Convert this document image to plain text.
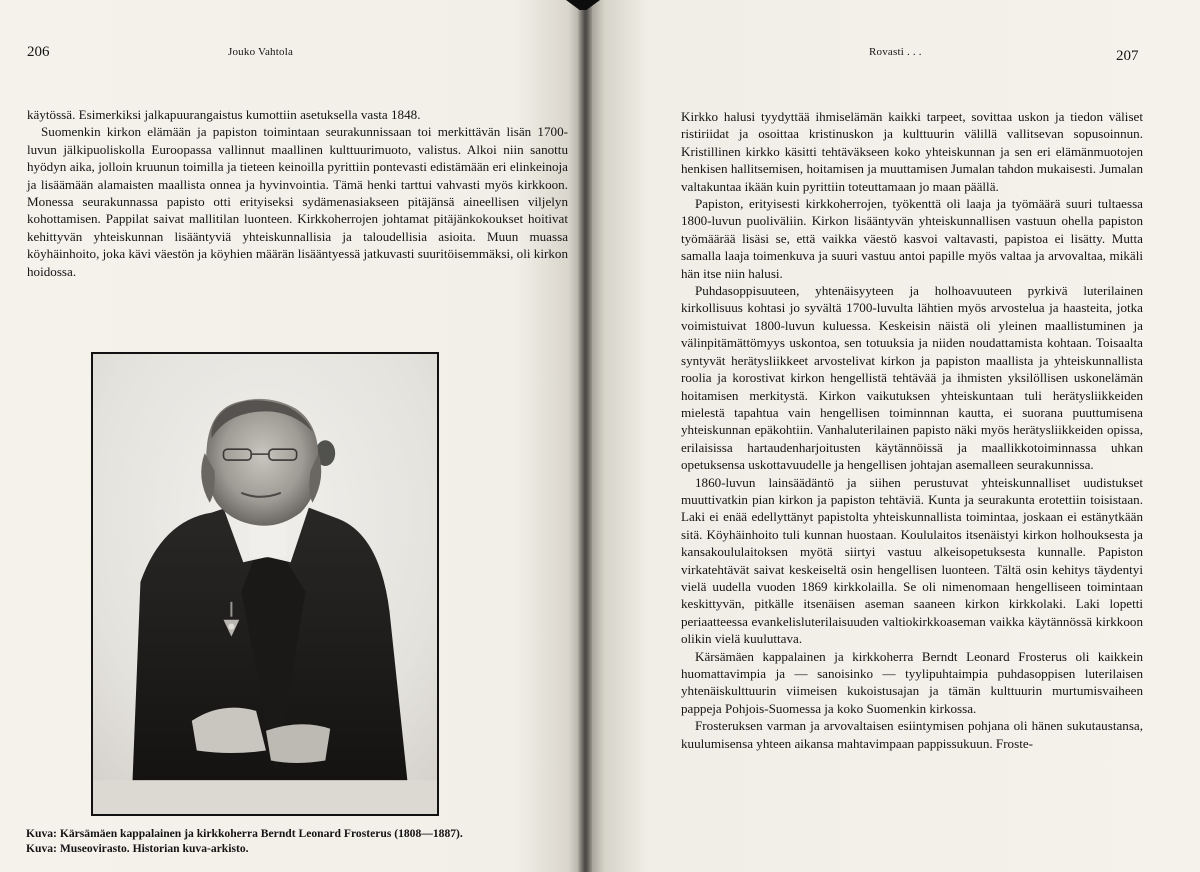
206	Jouko Vahtola

käytössä. Esimerkiksi jalkapuurangaistus kumottiin asetuksella vasta 1848.

Suomenkin kirkon elämään ja papiston toimintaan seurakunnissaan toi merkittävän lisän 1700-luvun jälkipuoliskolla Euroopassa vallinnut maallinen kulttuurimuoto, valistus. Alkoi niin sanottu hyödyn aika, jolloin kruunun toimilla ja tieteen keinoilla pyrittiin pontevasti edistämään eri elinkeinoja ja lisäämään alamaisten maallista onnea ja hyvinvointia. Tämä henki tarttui vahvasti myös kirkkoon. Monessa seurakunnassa papisto otti erityiseksi sydämenasiakseen pitäjänsä aineellisen viljelyn kohottamisen. Pappilat saivat mallitilan luonteen. Kirkkoherrojen johtamat pitäjänkokoukset hoitivat kehittyvän yhteiskunnan lisääntyviä yhteiskunnallisia ja taloudellisia asioita. Muun muassa köyhäinhoito, joka kävi väestön ja köyhien määrän lisääntyessä jatkuvasti suuritöisemmäksi, oli kirkon hoidossa.

Kuva: Kärsämäen kappalainen ja kirkkoherra Berndt Leonard Frosterus (1808—1887).
Kuva: Museovirasto. Historian kuva-arkisto.
Rovasti . . .	207

Kirkko halusi tyydyttää ihmiselämän kaikki tarpeet, sovittaa uskon ja tiedon väliset ristiriidat ja osoittaa kristinuskon ja kulttuurin välillä vallitsevan sopusoinnun. Kristillinen kirkko käsitti tehtäväkseen koko yhteiskunnan ja sen eri elämänmuotojen henkisen hallitsemisen, hoitamisen ja muuttamisen Jumalan tahdon mukaisesti. Jumalan valtakuntaa ikään kuin pyrittiin toteuttamaan jo maan päällä.

Papiston, erityisesti kirkkoherrojen, työkenttä oli laaja ja työmäärä suuri tultaessa 1800-luvun puoliväliin. Kirkon lisääntyvän yhteiskunnallisen vastuun ohella papiston työmäärää lisäsi se, että vaikka väestö kasvoi valtavasti, papistoa ei lisätty. Mutta samalla laaja toimenkuva ja suuri vastuu antoi papille myös valtaa ja arvovaltaa, mikäli hän itse niin halusi.

Puhdasoppisuuteen, yhtenäisyyteen ja holhoavuuteen pyrkivä luterilainen kirkollisuus kohtasi jo syvältä 1700-luvulta lähtien myös arvostelua ja haasteita, jotka voimistuivat 1800-luvun kuluessa. Keskeisin näistä oli yleinen maallistuminen ja välinpitämättömyys uskontoa, sen totuuksia ja niiden noudattamista kohtaan. Toisaalta syntyvät herätysliikkeet arvostelivat kirkon ja papiston maallista ja yhteiskunnallista roolia ja korostivat kirkon hengellistä tehtävää ja ihmisten yksilöllisen uskonelämän hoitamisen merkitystä. Kirkon vaikutuksen yhteiskuntaan tuli herätysliikkeiden mielestä tapahtua vain hengellisen toiminnnan kautta, ei suorana puuttumisena yhteiskunnan epäkohtiin. Vanhaluterilainen papisto näki myös herätysliikkeiden opissa, erilaisissa hartaudenharjoitusten käytännöissä ja maallikkotoiminnassa uhkan opetuksensa uskottavuudelle ja hengellisen johtajan asemalleen seurakunnissa.

1860-luvun lainsäädäntö ja siihen perustuvat yhteiskunnalliset uudistukset muuttivatkin pian kirkon ja papiston tehtäviä. Kunta ja seurakunta erotettiin toisistaan. Laki ei enää edellyttänyt papistolta yhteiskunnallista toimintaa, joskaan ei estänytkään sitä. Köyhäinhoito tuli kunnan huostaan. Koululaitos itsenäistyi kirkon holhouksesta ja kansakoululaitoksen myötä siirtyi vastuu alkeisopetuksesta kunnalle. Papiston virkatehtävät saivat keskeiseltä osin hengellisen luonteen. Tältä osin kehitys täydentyi vielä uudella vuoden 1869 kirkkolailla. Se oli nimenomaan hengelliseen toimintaan keskittyvän, pitkälle itsenäisen aseman saaneen kirkon kirkkolaki. Laki lopetti periaatteessa evankelisluterilaisuuden valtiokirkkoaseman vaikka käytännössä kirkkoon olikin vielä kuuluttava.

Kärsämäen kappalainen ja kirkkoherra Berndt Leonard Frosterus oli kaikkein huomattavimpia ja — sanoisinko — tyylipuhtaimpia puhdasoppisen luterilaisen yhtenäiskulttuurin viimeisen kukoistusajan ja tämän kulttuurin murtumisvaiheen pappeja Pohjois-Suomessa ja koko Suomenkin kirkossa.

Frosteruksen varman ja arvovaltaisen esiintymisen pohjana oli hänen sukutaustansa, kuulumisensa yhteen aikansa mahtavimpaan pappissukuun. Froste-
